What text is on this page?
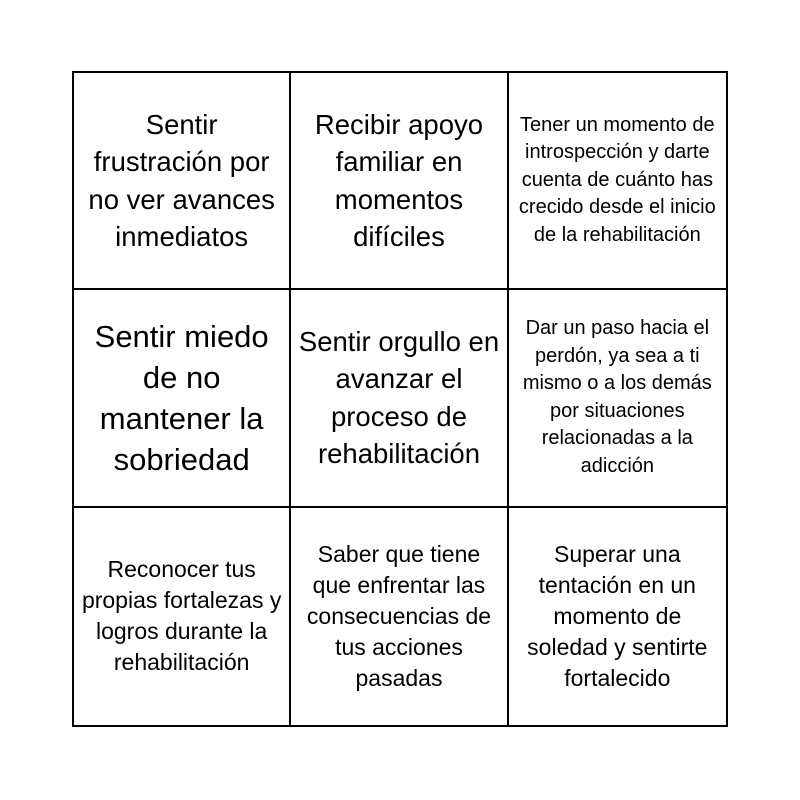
Sentir frustración por no ver avances inmediatos
Recibir apoyo familiar en momentos difíciles
Tener un momento de introspección y darte cuenta de cuánto has crecido desde el inicio de la rehabilitación
Sentir miedo de no mantener la sobriedad
Sentir orgullo en avanzar el proceso de rehabilitación
Dar un paso hacia el perdón, ya sea a ti mismo o a los demás por situaciones relacionadas a la adicción
Reconocer tus propias fortalezas y logros durante la rehabilitación
Saber que tiene que enfrentar las consecuencias de tus acciones pasadas
Superar una tentación en un momento de soledad y sentirte fortalecido
